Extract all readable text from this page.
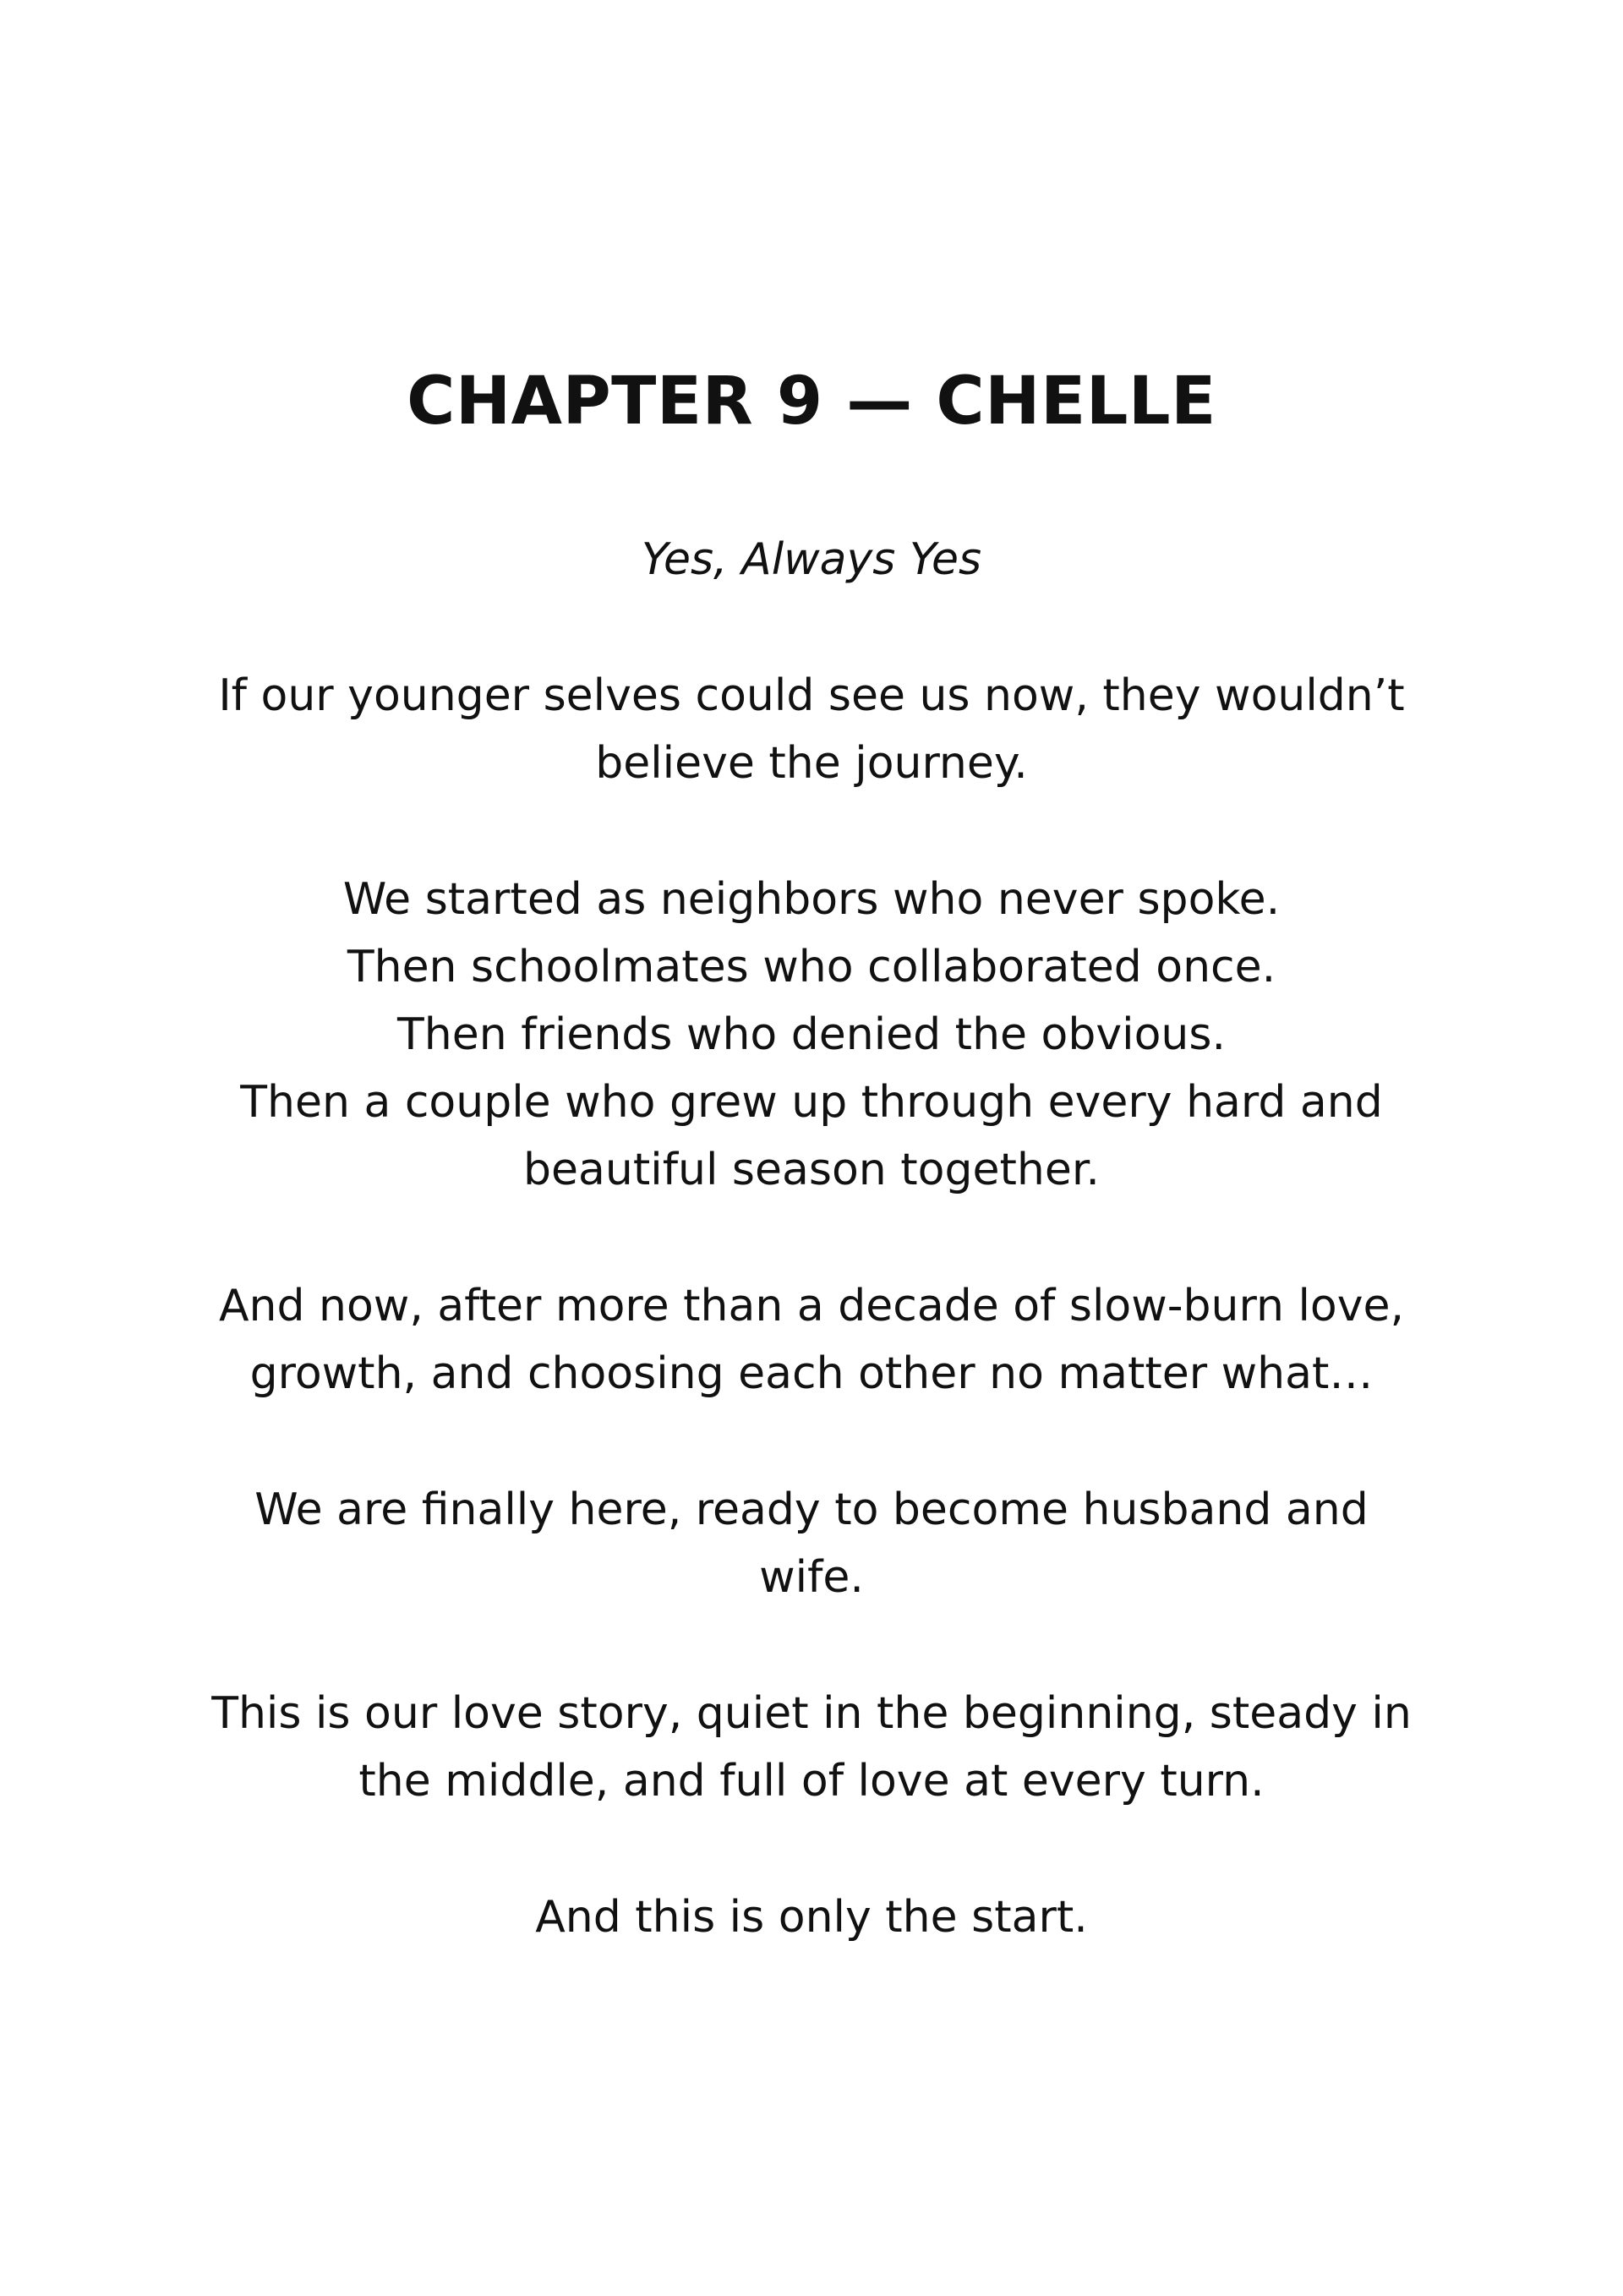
CHAPTER 9 — CHELLE

Yes, Always Yes

If our younger selves could see us now, they wouldn’t
believe the journey.

We started as neighbors who never spoke.
Then schoolmates who collaborated once.
Then friends who denied the obvious.
Then a couple who grew up through every hard and
beautiful season together.

And now, after more than a decade of slow-burn love,
growth, and choosing each other no matter what…

We are finally here, ready to become husband and
wife.

This is our love story, quiet in the beginning, steady in
the middle, and full of love at every turn.

And this is only the start.
